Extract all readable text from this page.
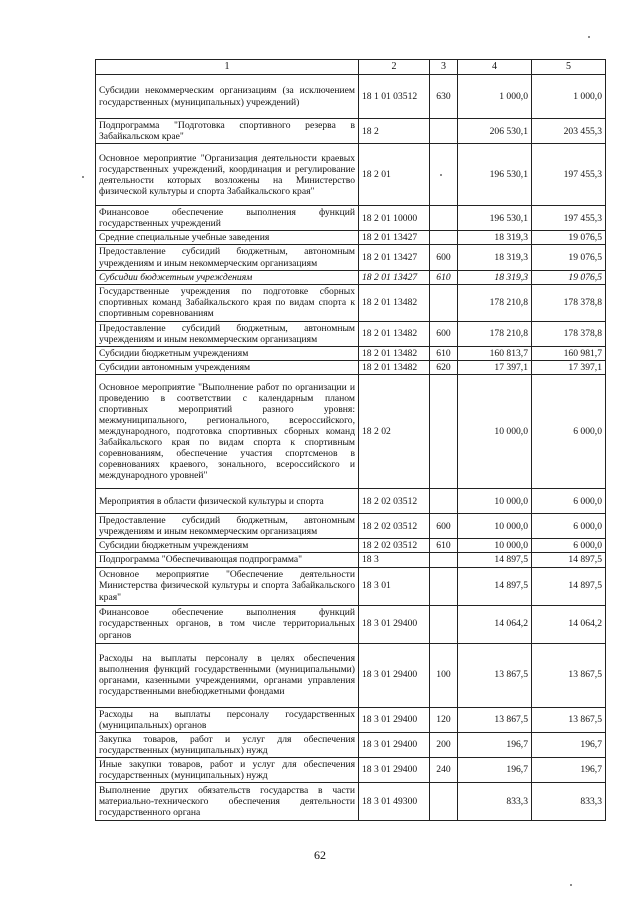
1	2	3	4	5
Субсидии некоммерческим организациям (за исключением государственных (муниципальных) учреждений)	18 1 01 03512	630	1 000,0	1 000,0
Подпрограмма "Подготовка спортивного резерва в Забайкальском крае"	18 2		206 530,1	203 455,3
Основное мероприятие "Организация деятельности краевых государственных учреждений, координация и регулирование деятельности которых возложены на Министерство физической культуры и спорта Забайкальского края"	18 2 01		196 530,1	197 455,3
Финансовое обеспечение выполнения функций государственных учреждений	18 2 01 10000		196 530,1	197 455,3
Средние специальные учебные заведения	18 2 01 13427		18 319,3	19 076,5
Предоставление субсидий бюджетным, автономным учреждениям и иным некоммерческим организациям	18 2 01 13427	600	18 319,3	19 076,5
Субсидии бюджетным учреждениям	18 2 01 13427	610	18 319,3	19 076,5
Государственные учреждения по подготовке сборных спортивных команд Забайкальского края по видам спорта к спортивным соревнованиям	18 2 01 13482		178 210,8	178 378,8
Предоставление субсидий бюджетным, автономным учреждениям и иным некоммерческим организациям	18 2 01 13482	600	178 210,8	178 378,8
Субсидии бюджетным учреждениям	18 2 01 13482	610	160 813,7	160 981,7
Субсидии автономным учреждениям	18 2 01 13482	620	17 397,1	17 397,1
Основное мероприятие "Выполнение работ по организации и проведению в соответствии с календарным планом спортивных мероприятий разного уровня: межмуниципального, регионального, всероссийского, международного, подготовка спортивных сборных команд Забайкальского края по видам спорта к спортивным соревнованиям, обеспечение участия спортсменов в соревнованиях краевого, зонального, всероссийского и международного уровней"	18 2 02		10 000,0	6 000,0
Мероприятия в области физической культуры и спорта	18 2 02 03512		10 000,0	6 000,0
Предоставление субсидий бюджетным, автономным учреждениям и иным некоммерческим организациям	18 2 02 03512	600	10 000,0	6 000,0
Субсидии бюджетным учреждениям	18 2 02 03512	610	10 000,0	6 000,0
Подпрограмма "Обеспечивающая подпрограмма"	18 3		14 897,5	14 897,5
Основное мероприятие "Обеспечение деятельности Министерства физической культуры и спорта Забайкальского края"	18 3 01		14 897,5	14 897,5
Финансовое обеспечение выполнения функций государственных органов, в том числе территориальных органов	18 3 01 29400		14 064,2	14 064,2
Расходы на выплаты персоналу в целях обеспечения выполнения функций государственными (муниципальными) органами, казенными учреждениями, органами управления государственными внебюджетными фондами	18 3 01 29400	100	13 867,5	13 867,5
Расходы на выплаты персоналу государственных (муниципальных) органов	18 3 01 29400	120	13 867,5	13 867,5
Закупка товаров, работ и услуг для обеспечения государственных (муниципальных) нужд	18 3 01 29400	200	196,7	196,7
Иные закупки товаров, работ и услуг для обеспечения государственных (муниципальных) нужд	18 3 01 29400	240	196,7	196,7
Выполнение других обязательств государства в части материально-технического обеспечения деятельности государственного органа	18 3 01 49300		833,3	833,3
62
